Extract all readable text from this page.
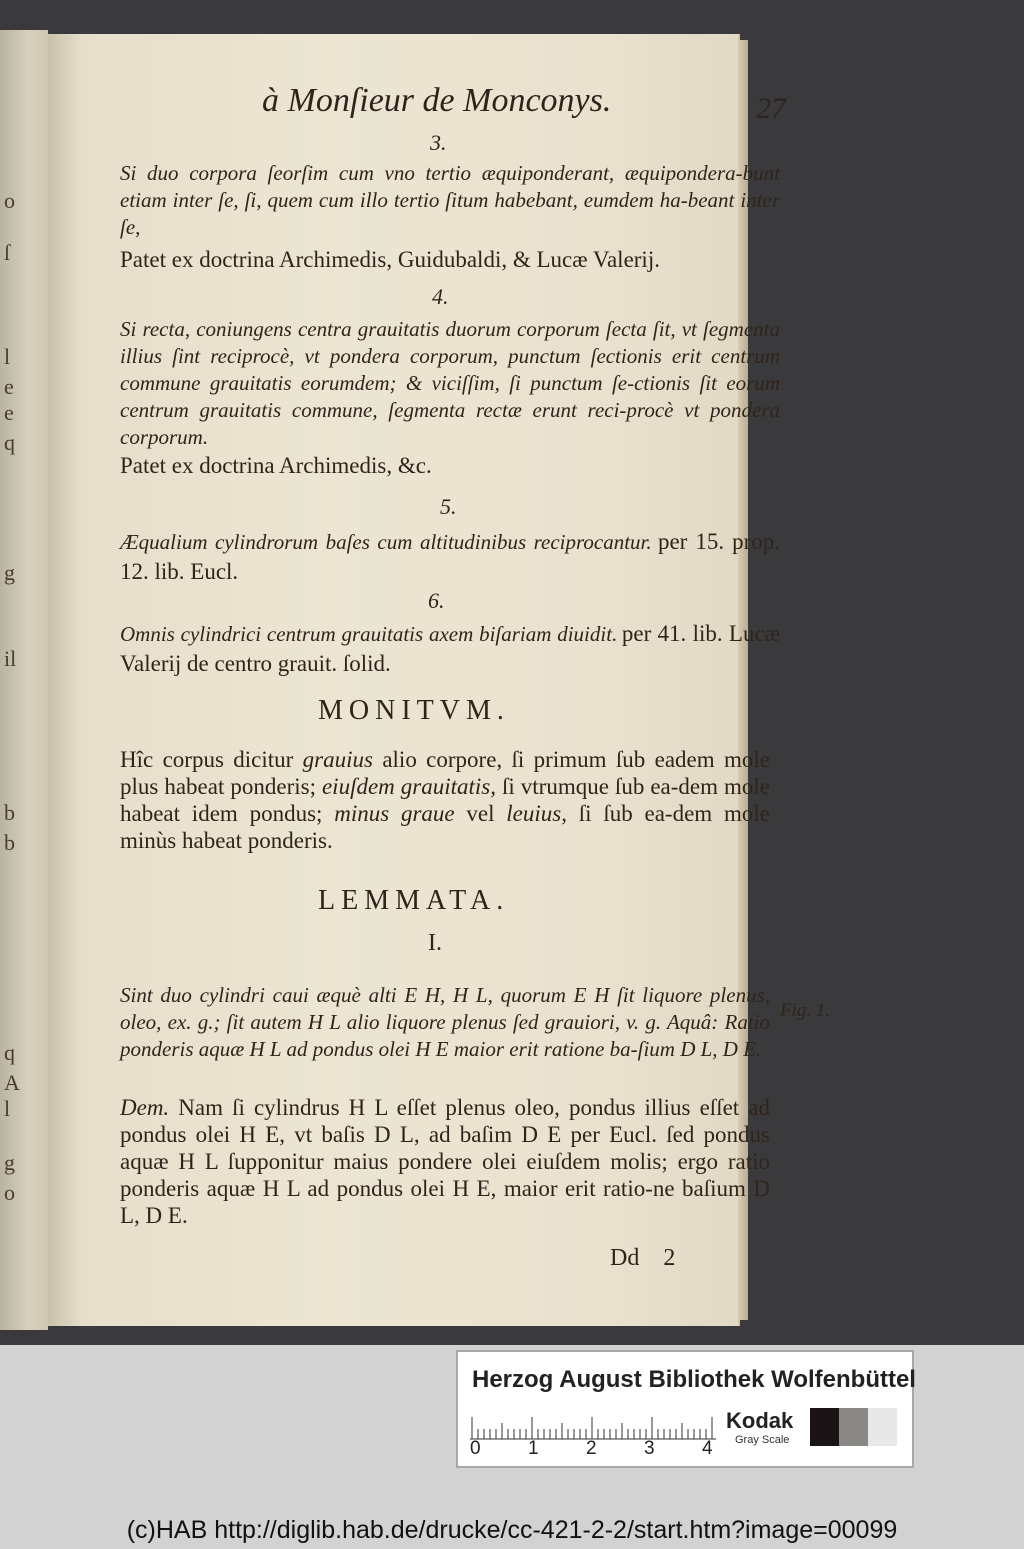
o
ſ
l
e
e
q
g
il
b
b
q
A
l
g
o
à Monſieur de Monconys.	27
3.
Si duo corpora ſeorſim cum vno tertio æquiponderant, æquipondera-bunt etiam inter ſe, ſi, quem cum illo tertio ſitum habebant, eumdem ha-beant inter ſe,
Patet ex doctrina Archimedis, Guidubaldi, & Lucæ Valerij.
4.
Si recta, coniungens centra grauitatis duorum corporum ſecta ſit, vt ſegmenta illius ſint reciprocè, vt pondera corporum, punctum ſectionis erit centrum commune grauitatis eorumdem; & viciſſim, ſi punctum ſe-ctionis ſit eorum centrum grauitatis commune, ſegmenta rectæ erunt reci-procè vt pondera corporum.
Patet ex doctrina Archimedis, &c.
5.
Æqualium cylindrorum baſes cum altitudinibus reciprocantur. per 15. prop. 12. lib. Eucl.
6.
Omnis cylindrici centrum grauitatis axem biſariam diuidit. per 41. lib. Lucæ Valerij de centro grauit. ſolid.
MONITVM.
Hîc corpus dicitur grauius alio corpore, ſi primum ſub eadem mole plus habeat ponderis; eiuſdem grauitatis, ſi vtrumque ſub ea-dem mole habeat idem pondus; minus graue vel leuius, ſi ſub ea-dem mole minùs habeat ponderis.
LEMMATA.
I.
Sint duo cylindri caui æquè alti E H, H L, quorum E H ſit liquore plenus, oleo, ex. g.; ſit autem H L alio liquore plenus ſed grauiori, v. g. Aquâ: Ratio ponderis aquæ H L ad pondus olei H E maior erit ratione ba-ſium D L, D E.
Fig. 1.
Dem. Nam ſi cylindrus H L eſſet plenus oleo, pondus illius eſſet ad pondus olei H E, vt baſis D L, ad baſim D E per Eucl. ſed pondus aquæ H L ſupponitur maius pondere olei eiuſdem molis; ergo ratio ponderis aquæ H L ad pondus olei H E, maior erit ratio-ne baſium D L, D E.
Dd 2
Herzog August Bibliothek Wolfenbüttel
0 1 2 3 4
Kodak
Gray Scale
(c)HAB http://diglib.hab.de/drucke/cc-421-2-2/start.htm?image=00099
